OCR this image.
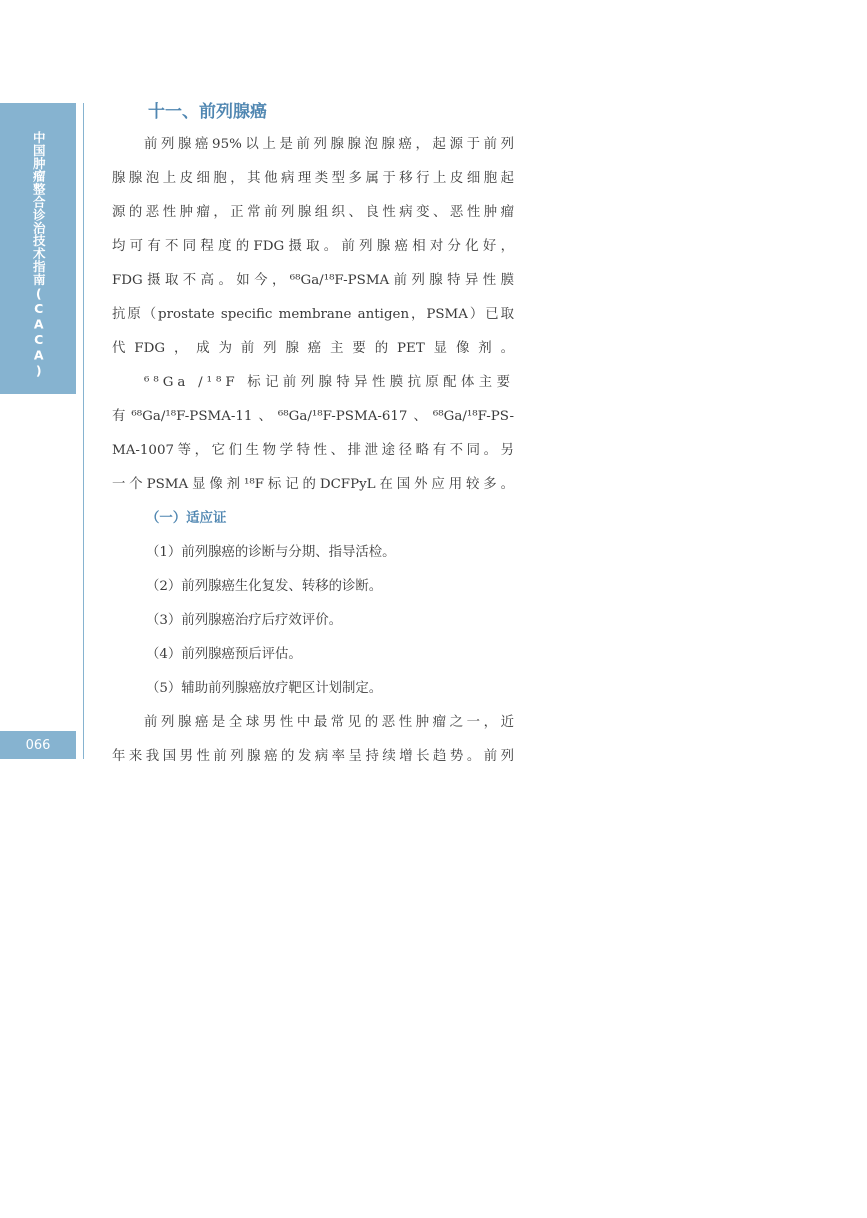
中国肿瘤整合诊治技术指南(CACA)
066
十一、前列腺癌

前列腺癌95%以上是前列腺腺泡腺癌，起源于前列
腺腺泡上皮细胞，其他病理类型多属于移行上皮细胞起
源的恶性肿瘤，正常前列腺组织、良性病变、恶性肿瘤
均可有不同程度的FDG摄取。前列腺癌相对分化好，
FDG摄取不高。如今，⁶⁸Ga/¹⁸F-PSMA前列腺特异性膜
抗原（prostate specific membrane antigen，PSMA）已取
代FDG，成为前列腺癌主要的PET显像剂。

⁶⁸Ga /¹⁸F 标记前列腺特异性膜抗原配体主要
有⁶⁸Ga/¹⁸F-PSMA-11、⁶⁸Ga/¹⁸F-PSMA-617、⁶⁸Ga/¹⁸F-PS-
MA-1007等，它们生物学特性、排泄途径略有不同。另
一个PSMA显像剂¹⁸F标记的DCFPyL在国外应用较多。

（一）适应证

（1）前列腺癌的诊断与分期、指导活检。

（2）前列腺癌生化复发、转移的诊断。

（3）前列腺癌治疗后疗效评价。

（4）前列腺癌预后评估。

（5）辅助前列腺癌放疗靶区计划制定。

前列腺癌是全球男性中最常见的恶性肿瘤之一，近
年来我国男性前列腺癌的发病率呈持续增长趋势。前列
